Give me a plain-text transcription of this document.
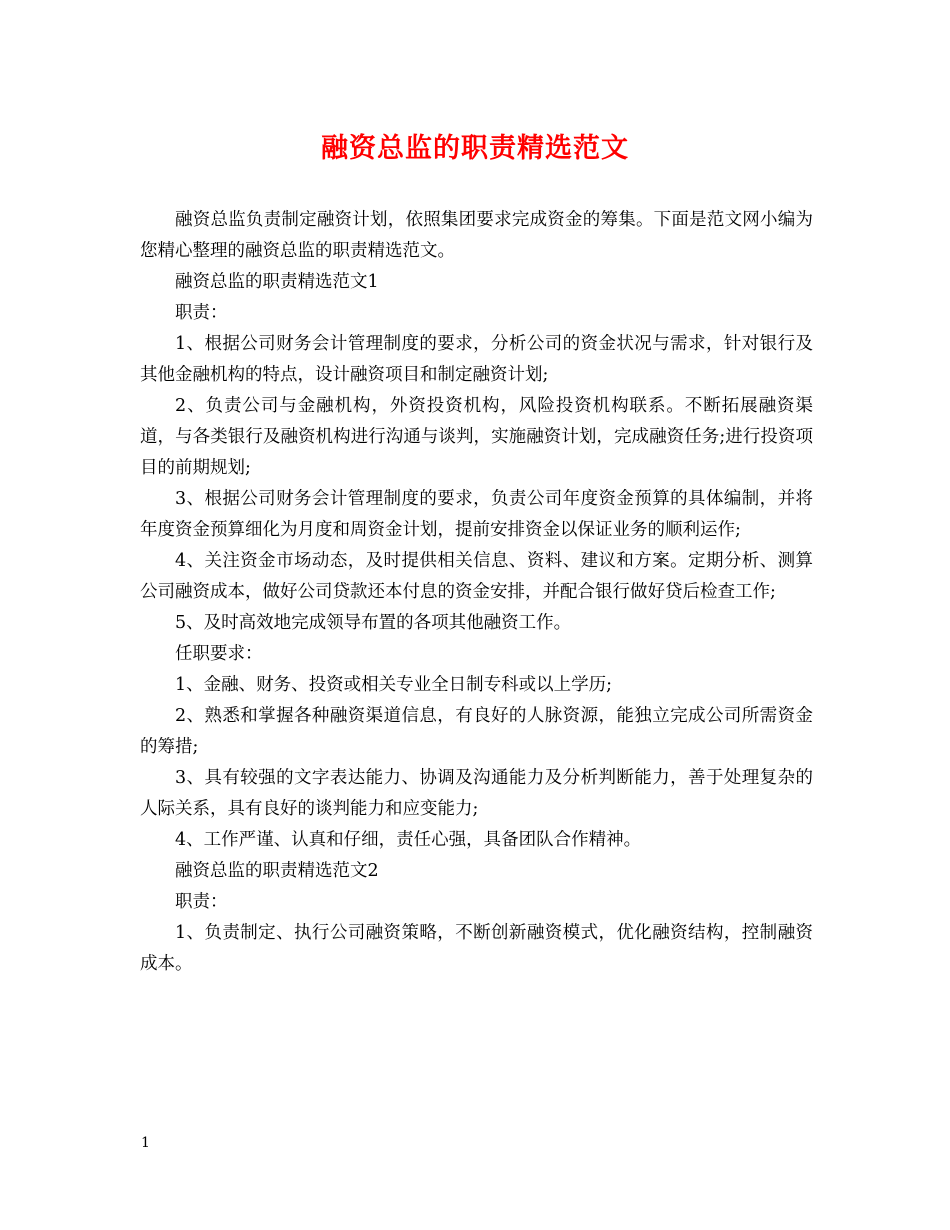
融资总监的职责精选范文

融资总监负责制定融资计划，依照集团要求完成资金的筹集。下面是范文网小编为您精心整理的融资总监的职责精选范文。

融资总监的职责精选范文1

职责：

1、根据公司财务会计管理制度的要求，分析公司的资金状况与需求，针对银行及其他金融机构的特点，设计融资项目和制定融资计划;

2、负责公司与金融机构，外资投资机构，风险投资机构联系。不断拓展融资渠道，与各类银行及融资机构进行沟通与谈判，实施融资计划，完成融资任务;进行投资项目的前期规划;

3、根据公司财务会计管理制度的要求，负责公司年度资金预算的具体编制，并将年度资金预算细化为月度和周资金计划，提前安排资金以保证业务的顺利运作;

4、关注资金市场动态，及时提供相关信息、资料、建议和方案。定期分析、测算公司融资成本，做好公司贷款还本付息的资金安排，并配合银行做好贷后检查工作;

5、及时高效地完成领导布置的各项其他融资工作。

任职要求：

1、金融、财务、投资或相关专业全日制专科或以上学历;

2、熟悉和掌握各种融资渠道信息，有良好的人脉资源，能独立完成公司所需资金的筹措;

3、具有较强的文字表达能力、协调及沟通能力及分析判断能力，善于处理复杂的人际关系，具有良好的谈判能力和应变能力;

4、工作严谨、认真和仔细，责任心强，具备团队合作精神。

融资总监的职责精选范文2

职责：

1、负责制定、执行公司融资策略，不断创新融资模式，优化融资结构，控制融资成本。

1
